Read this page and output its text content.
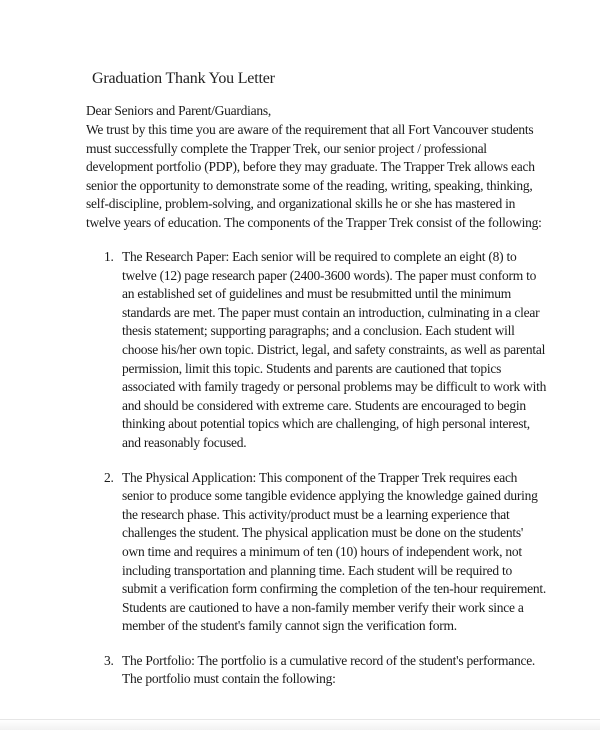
Graduation Thank You Letter
Dear Seniors and Parent/Guardians,
We trust by this time you are aware of the requirement that all Fort Vancouver students
must successfully complete the Trapper Trek, our senior project / professional
development portfolio (PDP), before they may graduate. The Trapper Trek allows each
senior the opportunity to demonstrate some of the reading, writing, speaking, thinking,
self-discipline, problem-solving, and organizational skills he or she has mastered in
twelve years of education. The components of the Trapper Trek consist of the following:
1. The Research Paper: Each senior will be required to complete an eight (8) to
twelve (12) page research paper (2400-3600 words). The paper must conform to
an established set of guidelines and must be resubmitted until the minimum
standards are met. The paper must contain an introduction, culminating in a clear
thesis statement; supporting paragraphs; and a conclusion. Each student will
choose his/her own topic. District, legal, and safety constraints, as well as parental
permission, limit this topic. Students and parents are cautioned that topics
associated with family tragedy or personal problems may be difficult to work with
and should be considered with extreme care. Students are encouraged to begin
thinking about potential topics which are challenging, of high personal interest,
and reasonably focused.
2. The Physical Application: This component of the Trapper Trek requires each
senior to produce some tangible evidence applying the knowledge gained during
the research phase. This activity/product must be a learning experience that
challenges the student. The physical application must be done on the students'
own time and requires a minimum of ten (10) hours of independent work, not
including transportation and planning time. Each student will be required to
submit a verification form confirming the completion of the ten-hour requirement.
Students are cautioned to have a non-family member verify their work since a
member of the student's family cannot sign the verification form.
3. The Portfolio: The portfolio is a cumulative record of the student's performance.
The portfolio must contain the following:
